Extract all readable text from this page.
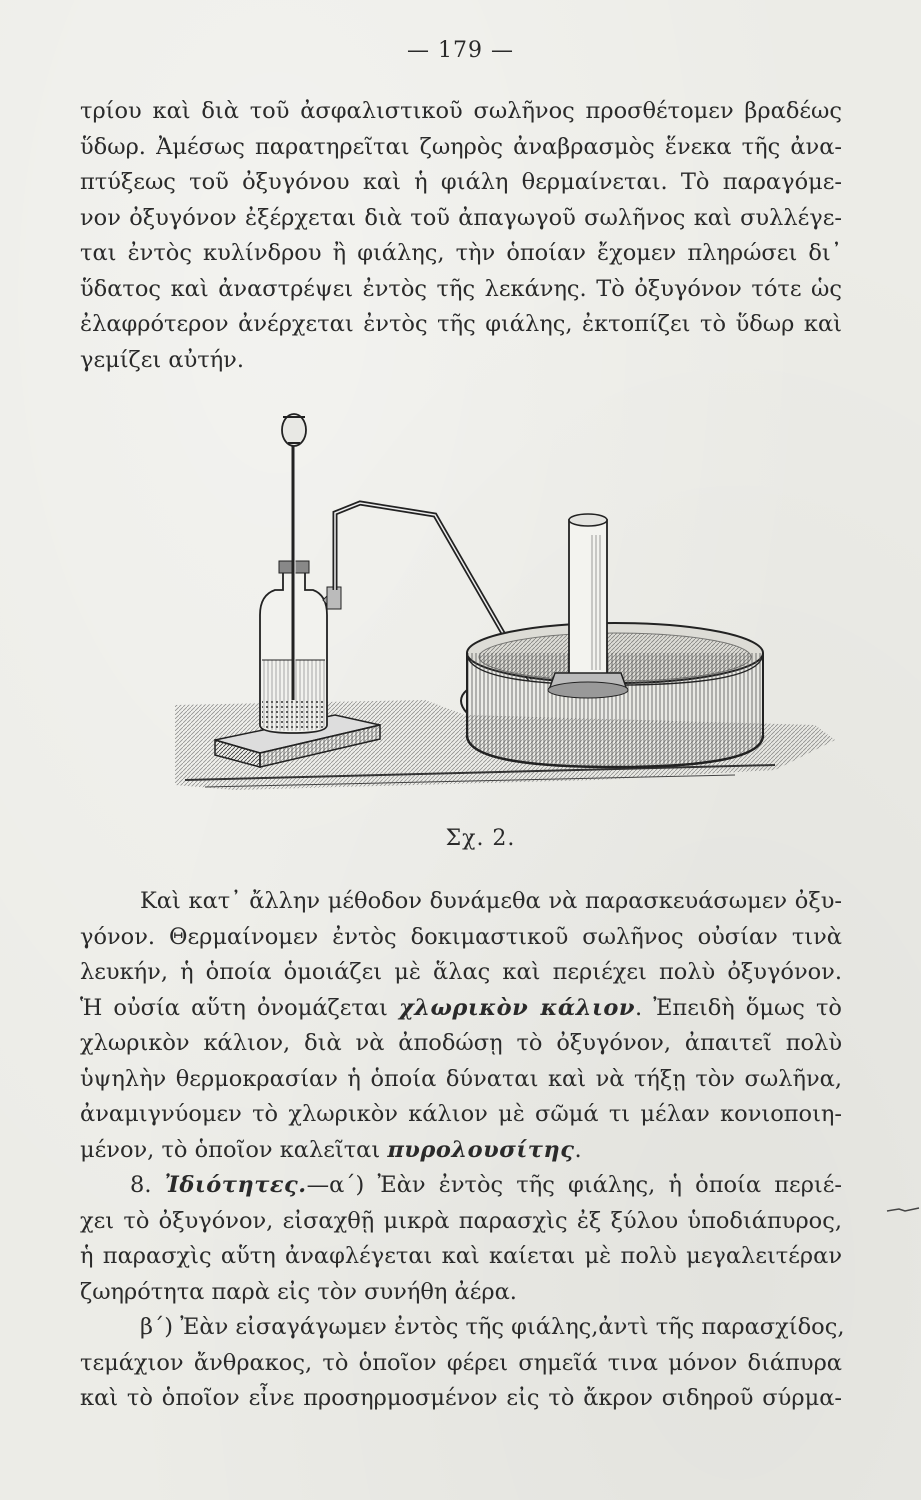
— 179 —
τρίου καὶ διὰ τοῦ ἀσφαλιστικοῦ σωλῆνος προσθέτομεν βραδέως
ὕδωρ. Ἀμέσως παρατηρεῖται ζωηρὸς ἀναβρασμὸς ἕνεκα τῆς ἀνα-
πτύξεως τοῦ ὀξυγόνου καὶ ἡ φιάλη θερμαίνεται. Τὸ παραγόμε-
νον ὀξυγόνον ἐξέρχεται διὰ τοῦ ἀπαγωγοῦ σωλῆνος καὶ συλλέγε-
ται ἐντὸς κυλίνδρου ἢ φιάλης, τὴν ὁποίαν ἔχομεν πληρώσει δι᾿
ὕδατος καὶ ἀναστρέψει ἐντὸς τῆς λεκάνης. Τὸ ὀξυγόνον τότε ὡς
ἐλαφρότερον ἀνέρχεται ἐντὸς τῆς φιάλης, ἐκτοπίζει τὸ ὕδωρ καὶ
γεμίζει αὐτήν.
Σχ. 2.
Καὶ κατ᾿ ἄλλην μέθοδον δυνάμεθα νὰ παρασκευάσωμεν ὀξυ-
γόνον. Θερμαίνομεν ἐντὸς δοκιμαστικοῦ σωλῆνος οὐσίαν τινὰ
λευκήν, ἡ ὁποία ὁμοιάζει μὲ ἅλας καὶ περιέχει πολὺ ὀξυγόνον.
Ἡ οὐσία αὕτη ὀνομάζεται χλωρικὸν κάλιον. Ἐπειδὴ ὅμως τὸ
χλωρικὸν κάλιον, διὰ νὰ ἀποδώσῃ τὸ ὀξυγόνον, ἀπαιτεῖ πολὺ
ὑψηλὴν θερμοκρασίαν ἡ ὁποία δύναται καὶ νὰ τήξῃ τὸν σωλῆνα,
ἀναμιγνύομεν τὸ χλωρικὸν κάλιον μὲ σῶμά τι μέλαν κονιοποιη-
μένον, τὸ ὁποῖον καλεῖται πυρολουσίτης.
8. Ἰδιότητες.—α´) Ἐὰν ἐντὸς τῆς φιάλης, ἡ ὁποία περιέ-
χει τὸ ὀξυγόνον, εἰσαχθῇ μικρὰ παρασχὶς ἐξ ξύλου ὑποδιάπυρος,
ἡ παρασχὶς αὕτη ἀναφλέγεται καὶ καίεται μὲ πολὺ μεγαλειτέραν
ζωηρότητα παρὰ εἰς τὸν συνήθη ἀέρα.
β´) Ἐὰν εἰσαγάγωμεν ἐντὸς τῆς φιάλης,ἀντὶ τῆς παρασχίδος,
τεμάχιον ἄνθρακος, τὸ ὁποῖον φέρει σημεῖά τινα μόνον διάπυρα
καὶ τὸ ὁποῖον εἶνε προσηρμοσμένον εἰς τὸ ἄκρον σιδηροῦ σύρμα-
